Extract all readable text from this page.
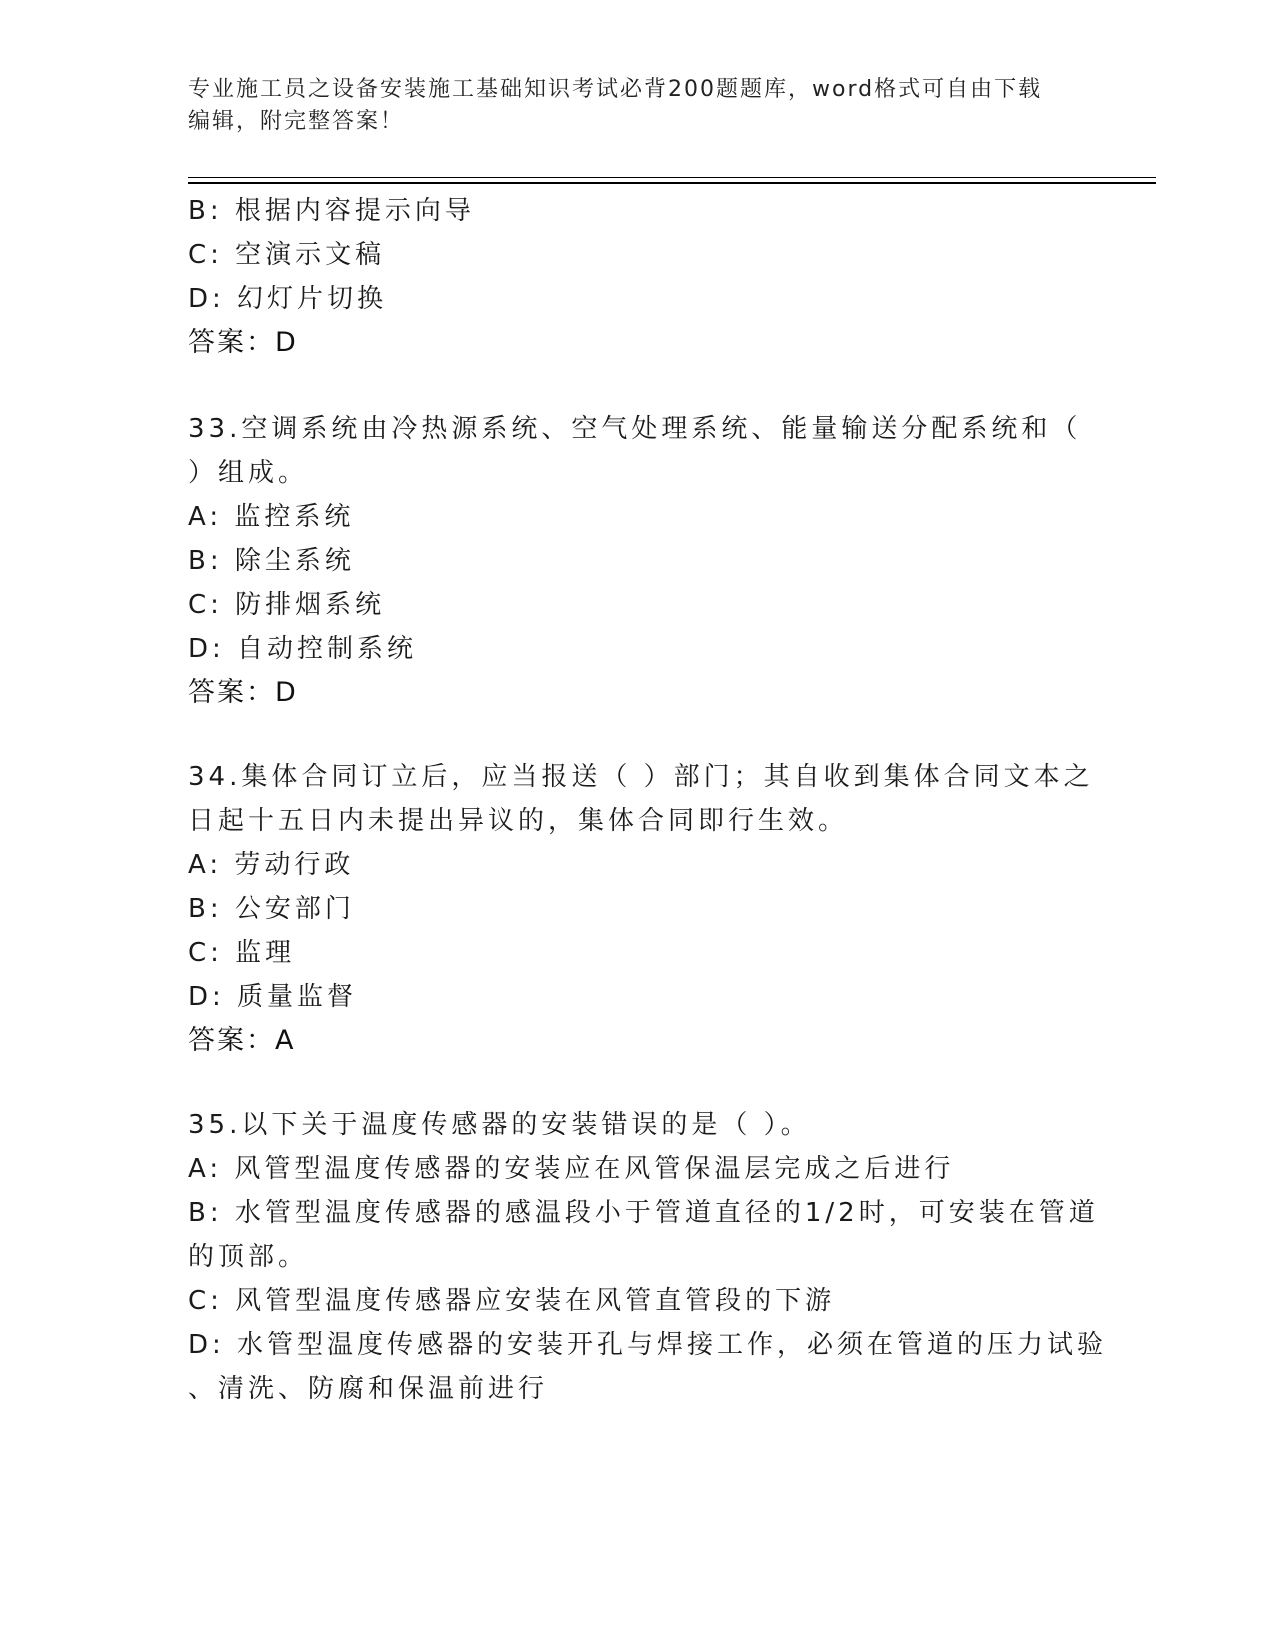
专业施工员之设备安装施工基础知识考试必背200题题库，word格式可自由下载
编辑，附完整答案！
B: 根据内容提示向导
C: 空演示文稿
D: 幻灯片切换
答案：D
33.空调系统由冷热源系统、空气处理系统、能量输送分配系统和（
）组成。
A: 监控系统
B: 除尘系统
C: 防排烟系统
D: 自动控制系统
答案：D
34.集体合同订立后，应当报送（ ）部门；其自收到集体合同文本之
日起十五日内未提出异议的，集体合同即行生效。
A: 劳动行政
B: 公安部门
C: 监理
D: 质量监督
答案：A
35.以下关于温度传感器的安装错误的是（ ）。
A: 风管型温度传感器的安装应在风管保温层完成之后进行
B: 水管型温度传感器的感温段小于管道直径的1/2时，可安装在管道
的顶部。
C: 风管型温度传感器应安装在风管直管段的下游
D: 水管型温度传感器的安装开孔与焊接工作，必须在管道的压力试验
、清洗、防腐和保温前进行
